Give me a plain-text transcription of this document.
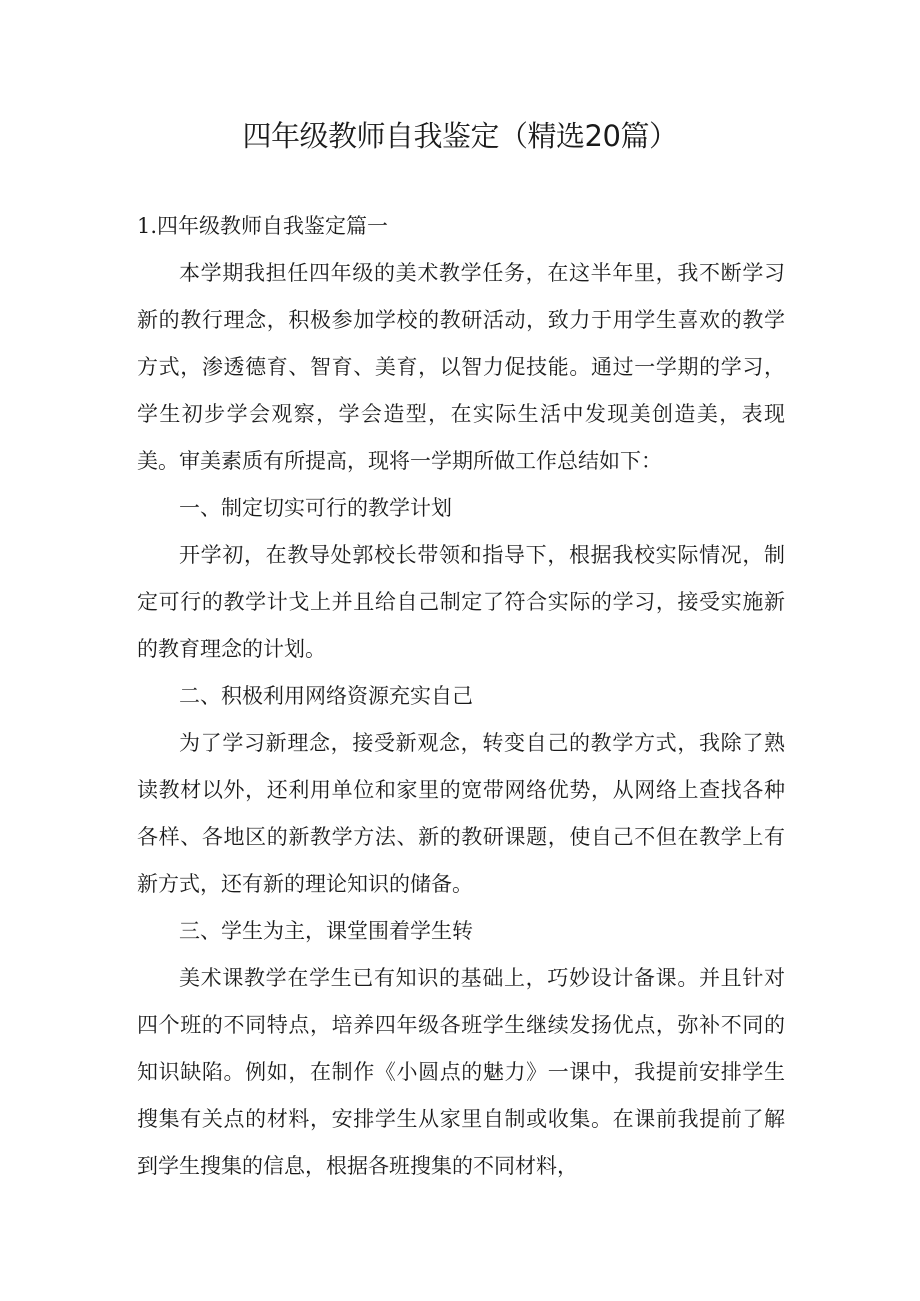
四年级教师自我鉴定（精选20篇）

1.四年级教师自我鉴定篇一

本学期我担任四年级的美术教学任务，在这半年里，我不断学习新的教行理念，积极参加学校的教研活动，致力于用学生喜欢的教学方式，渗透德育、智育、美育，以智力促技能。通过一学期的学习，学生初步学会观察，学会造型，在实际生活中发现美创造美，表现美。审美素质有所提高，现将一学期所做工作总结如下：

一、制定切实可行的教学计划

开学初，在教导处郭校长带领和指导下，根据我校实际情况，制定可行的教学计戈上并且给自己制定了符合实际的学习，接受实施新的教育理念的计划。

二、积极利用网络资源充实自己

为了学习新理念，接受新观念，转变自己的教学方式，我除了熟读教材以外，还利用单位和家里的宽带网络优势，从网络上查找各种各样、各地区的新教学方法、新的教研课题，使自己不但在教学上有新方式，还有新的理论知识的储备。

三、学生为主，课堂围着学生转

美术课教学在学生已有知识的基础上，巧妙设计备课。并且针对四个班的不同特点，培养四年级各班学生继续发扬优点，弥补不同的知识缺陷。例如，在制作《小圆点的魅力》一课中，我提前安排学生搜集有关点的材料，安排学生从家里自制或收集。在课前我提前了解到学生搜集的信息，根据各班搜集的不同材料，
